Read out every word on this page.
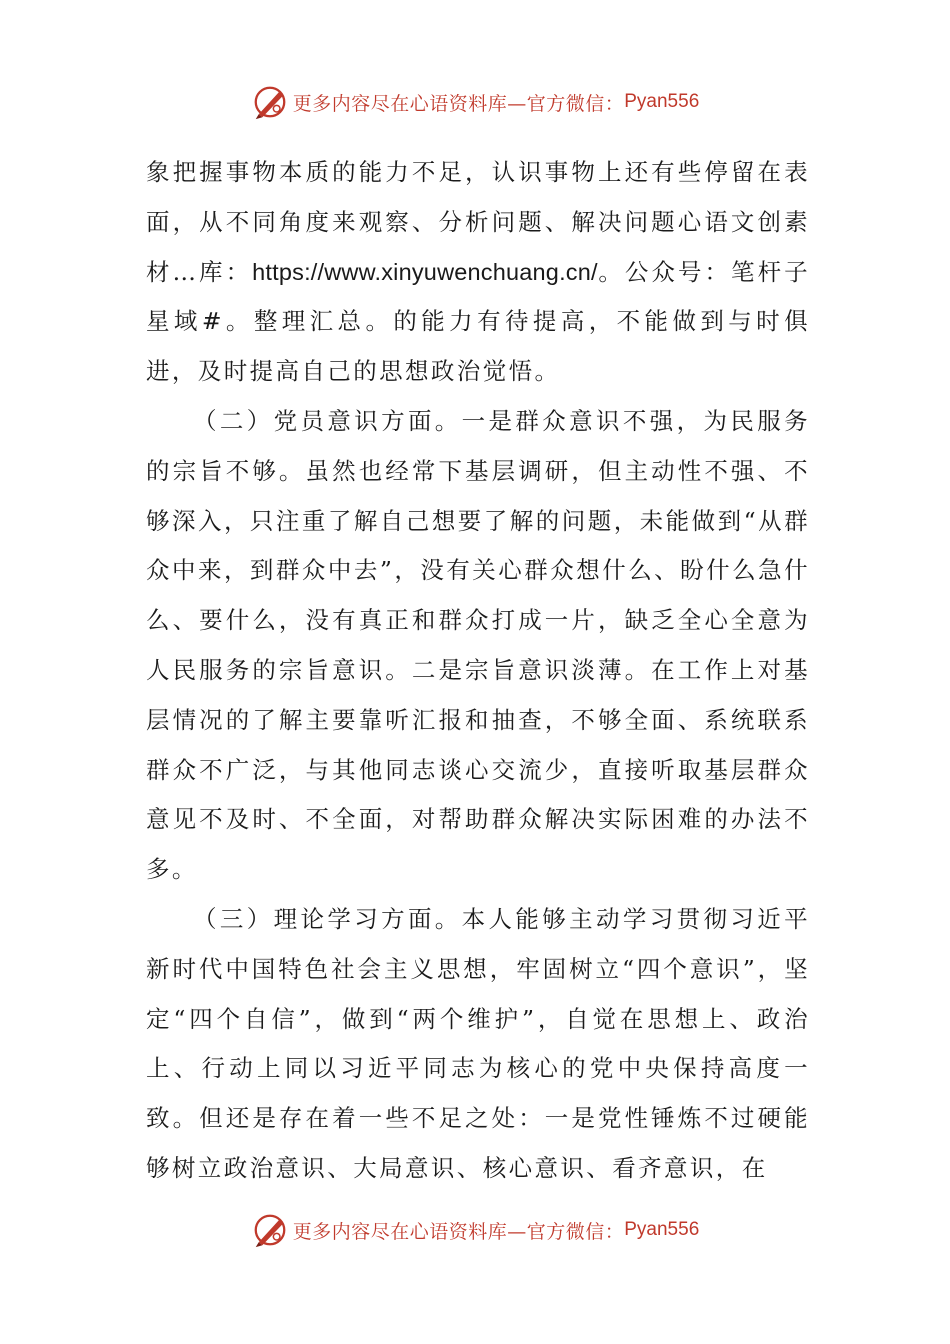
更多内容尽在心语资料库—官方微信： Pyan556

象把握事物本质的能力不足，认识事物上还有些停留在表面，从不同角度来观察、分析问题、解决问题心语文创素材…库：https://www.xinyuwenchuang.cn/。公众号：笔杆子星域#。整理汇总。的能力有待提高，不能做到与时俱进，及时提高自己的思想政治觉悟。

（二）党员意识方面。一是群众意识不强，为民服务的宗旨不够。虽然也经常下基层调研，但主动性不强、不够深入，只注重了解自己想要了解的问题，未能做到“从群众中来，到群众中去”，没有关心群众想什么、盼什么急什么、要什么，没有真正和群众打成一片，缺乏全心全意为人民服务的宗旨意识。二是宗旨意识淡薄。在工作上对基层情况的了解主要靠听汇报和抽查，不够全面、系统联系群众不广泛，与其他同志谈心交流少，直接听取基层群众意见不及时、不全面，对帮助群众解决实际困难的办法不多。

（三）理论学习方面。本人能够主动学习贯彻习近平新时代中国特色社会主义思想，牢固树立“四个意识”，坚定“四个自信”，做到“两个维护”，自觉在思想上、政治上、行动上同以习近平同志为核心的党中央保持高度一致。但还是存在着一些不足之处：一是党性锤炼不过硬能够树立政治意识、大局意识、核心意识、看齐意识，在

更多内容尽在心语资料库—官方微信： Pyan556
